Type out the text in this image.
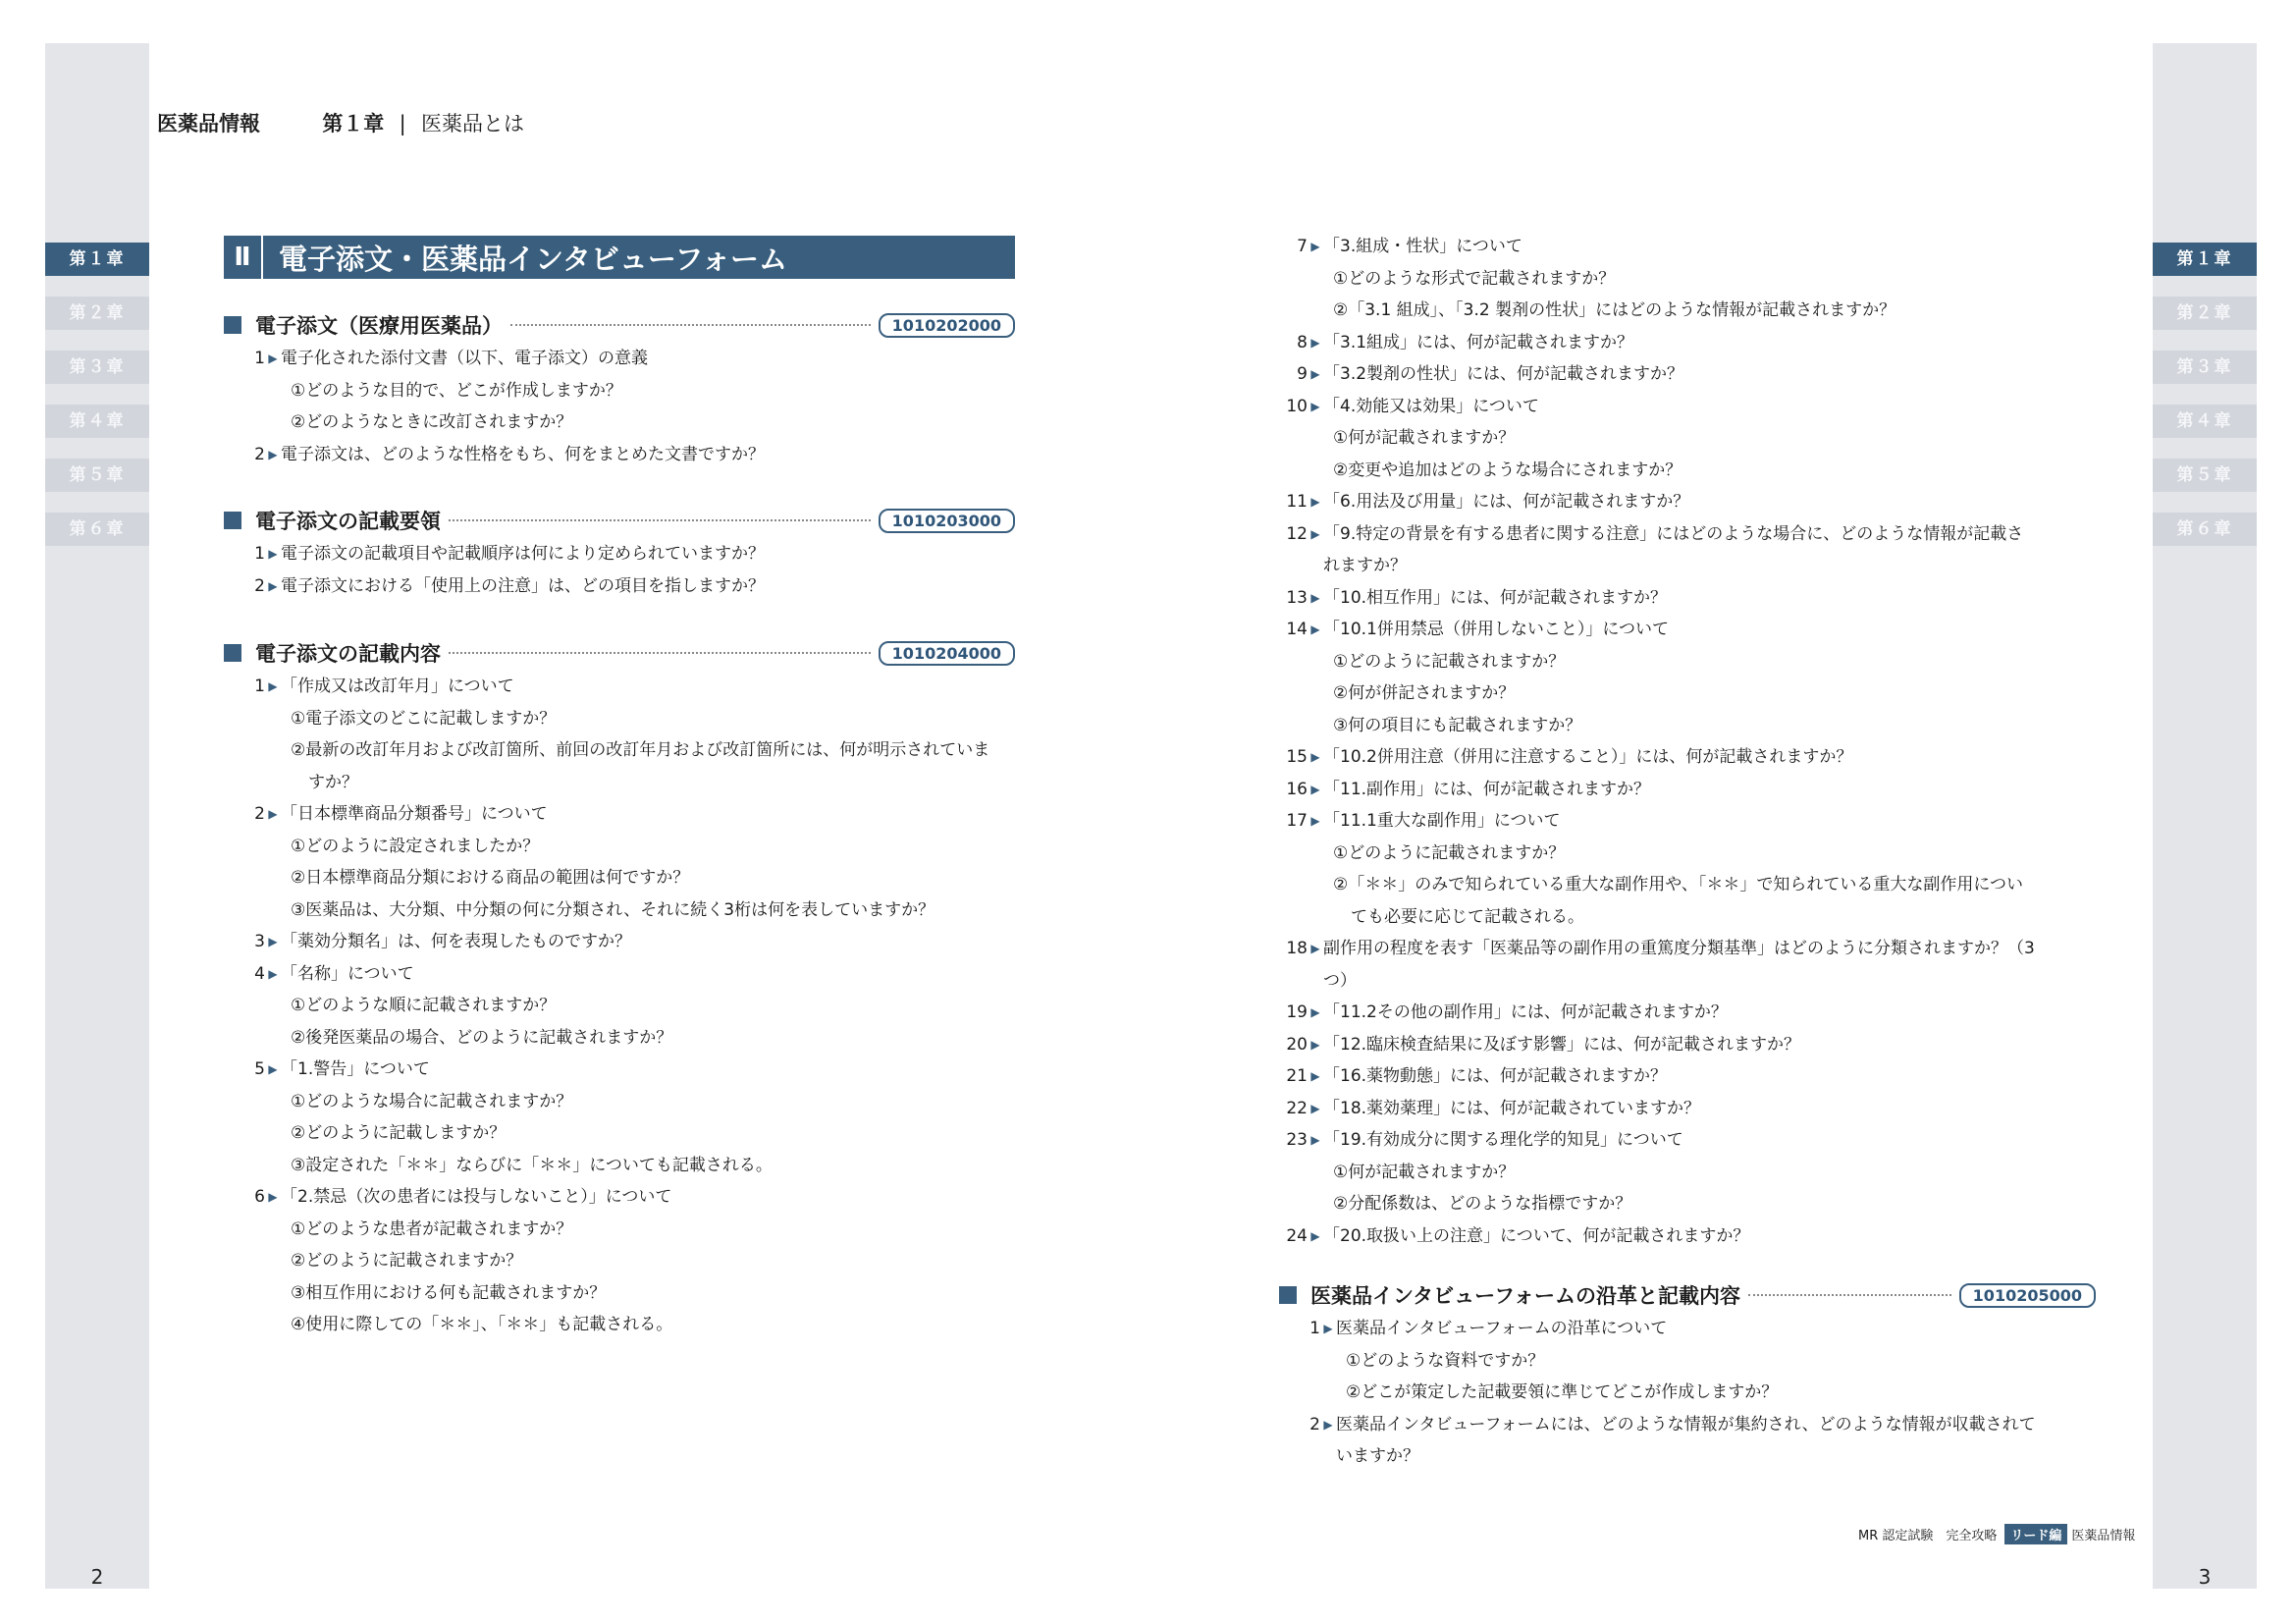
第１章
第２章
第３章
第４章
第５章
第６章
2
第１章
第２章
第３章
第４章
第５章
第６章
3
医薬品情報	第１章 | 医薬品とは
Ⅱ 電子添文・医薬品インタビューフォーム
電子添文（医療用医薬品）	1010202000
1 ▶ 電子化された添付文書（以下、電子添文）の意義
①どのような目的で、どこが作成しますか？
②どのようなときに改訂されますか？
2 ▶ 電子添文は、どのような性格をもち、何をまとめた文書ですか？
電子添文の記載要領	1010203000
1 ▶ 電子添文の記載項目や記載順序は何により定められていますか？
2 ▶ 電子添文における「使用上の注意」は、どの項目を指しますか？
電子添文の記載内容	1010204000
1 ▶ 「作成又は改訂年月」について
①電子添文のどこに記載しますか？
②最新の改訂年月および改訂箇所、前回の改訂年月および改訂箇所には、何が明示されていま
すか？
2 ▶ 「日本標準商品分類番号」について
①どのように設定されましたか？
②日本標準商品分類における商品の範囲は何ですか？
③医薬品は、大分類、中分類の何に分類され、それに続く3桁は何を表していますか？
3 ▶ 「薬効分類名」は、何を表現したものですか？
4 ▶ 「名称」について
①どのような順に記載されますか？
②後発医薬品の場合、どのように記載されますか？
5 ▶ 「1.警告」について
①どのような場合に記載されますか？
②どのように記載しますか？
③設定された「＊＊」ならびに「＊＊」についても記載される。
6 ▶ 「2.禁忌（次の患者には投与しないこと）」について
①どのような患者が記載されますか？
②どのように記載されますか？
③相互作用における何も記載されますか？
④使用に際しての「＊＊」、「＊＊」も記載される。
7 ▶ 「3.組成・性状」について
①どのような形式で記載されますか？
②「3.1 組成」、「3.2 製剤の性状」にはどのような情報が記載されますか？
8 ▶ 「3.1組成」には、何が記載されますか？
9 ▶ 「3.2製剤の性状」には、何が記載されますか？
10 ▶ 「4.効能又は効果」について
①何が記載されますか？
②変更や追加はどのような場合にされますか？
11 ▶ 「6.用法及び用量」には、何が記載されますか？
12 ▶ 「9.特定の背景を有する患者に関する注意」にはどのような場合に、どのような情報が記載さ
れますか？
13 ▶ 「10.相互作用」には、何が記載されますか？
14 ▶ 「10.1併用禁忌（併用しないこと）」について
①どのように記載されますか？
②何が併記されますか？
③何の項目にも記載されますか？
15 ▶ 「10.2併用注意（併用に注意すること）」には、何が記載されますか？
16 ▶ 「11.副作用」には、何が記載されますか？
17 ▶ 「11.1重大な副作用」について
①どのように記載されますか？
②「＊＊」のみで知られている重大な副作用や、「＊＊」で知られている重大な副作用につい
ても必要に応じて記載される。
18 ▶ 副作用の程度を表す「医薬品等の副作用の重篤度分類基準」はどのように分類されますか？（3
つ）
19 ▶ 「11.2その他の副作用」には、何が記載されますか？
20 ▶ 「12.臨床検査結果に及ぼす影響」には、何が記載されますか？
21 ▶ 「16.薬物動態」には、何が記載されますか？
22 ▶ 「18.薬効薬理」には、何が記載されていますか？
23 ▶ 「19.有効成分に関する理化学的知見」について
①何が記載されますか？
②分配係数は、どのような指標ですか？
24 ▶ 「20.取扱い上の注意」について、何が記載されますか？
医薬品インタビューフォームの沿革と記載内容	1010205000
1 ▶ 医薬品インタビューフォームの沿革について
①どのような資料ですか？
②どこが策定した記載要領に準じてどこが作成しますか？
2 ▶ 医薬品インタビューフォームには、どのような情報が集約され、どのような情報が収載されて
いますか？
MR 認定試験　完全攻略	リード編 医薬品情報
